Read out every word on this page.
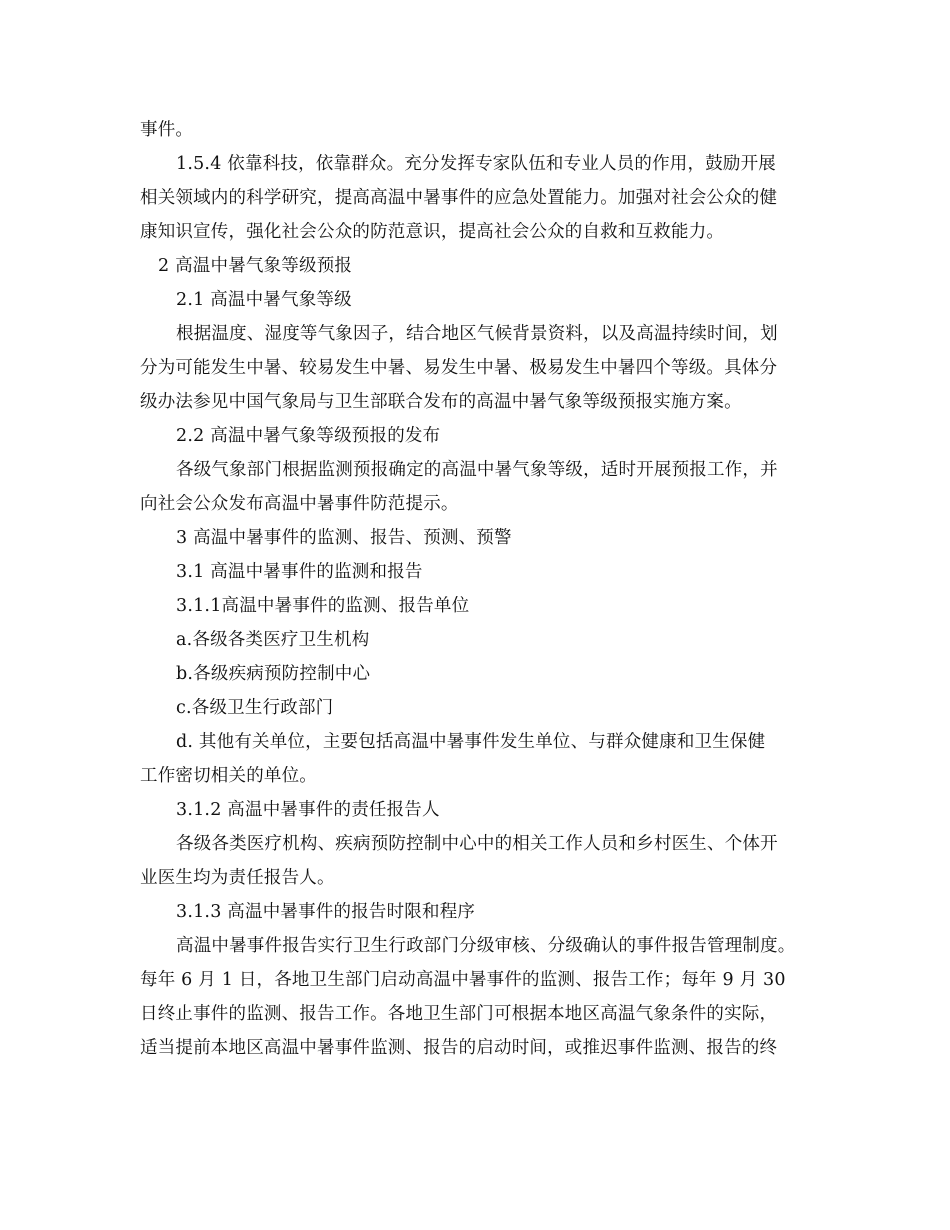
事件。
1.5.4 依靠科技，依靠群众。充分发挥专家队伍和专业人员的作用，鼓励开展
相关领域内的科学研究，提高高温中暑事件的应急处置能力。加强对社会公众的健
康知识宣传，强化社会公众的防范意识，提高社会公众的自救和互救能力。
2 高温中暑气象等级预报
2.1 高温中暑气象等级
根据温度、湿度等气象因子，结合地区气候背景资料，以及高温持续时间，划
分为可能发生中暑、较易发生中暑、易发生中暑、极易发生中暑四个等级。具体分
级办法参见中国气象局与卫生部联合发布的高温中暑气象等级预报实施方案。
2.2 高温中暑气象等级预报的发布
各级气象部门根据监测预报确定的高温中暑气象等级，适时开展预报工作，并
向社会公众发布高温中暑事件防范提示。
3 高温中暑事件的监测、报告、预测、预警
3.1 高温中暑事件的监测和报告
3.1.1高温中暑事件的监测、报告单位
a.各级各类医疗卫生机构
b.各级疾病预防控制中心
c.各级卫生行政部门
d. 其他有关单位，主要包括高温中暑事件发生单位、与群众健康和卫生保健
工作密切相关的单位。
3.1.2 高温中暑事件的责任报告人
各级各类医疗机构、疾病预防控制中心中的相关工作人员和乡村医生、个体开
业医生均为责任报告人。
3.1.3 高温中暑事件的报告时限和程序
高温中暑事件报告实行卫生行政部门分级审核、分级确认的事件报告管理制度。
每年 6 月 1 日，各地卫生部门启动高温中暑事件的监测、报告工作；每年 9 月 30
日终止事件的监测、报告工作。各地卫生部门可根据本地区高温气象条件的实际，
适当提前本地区高温中暑事件监测、报告的启动时间，或推迟事件监测、报告的终
